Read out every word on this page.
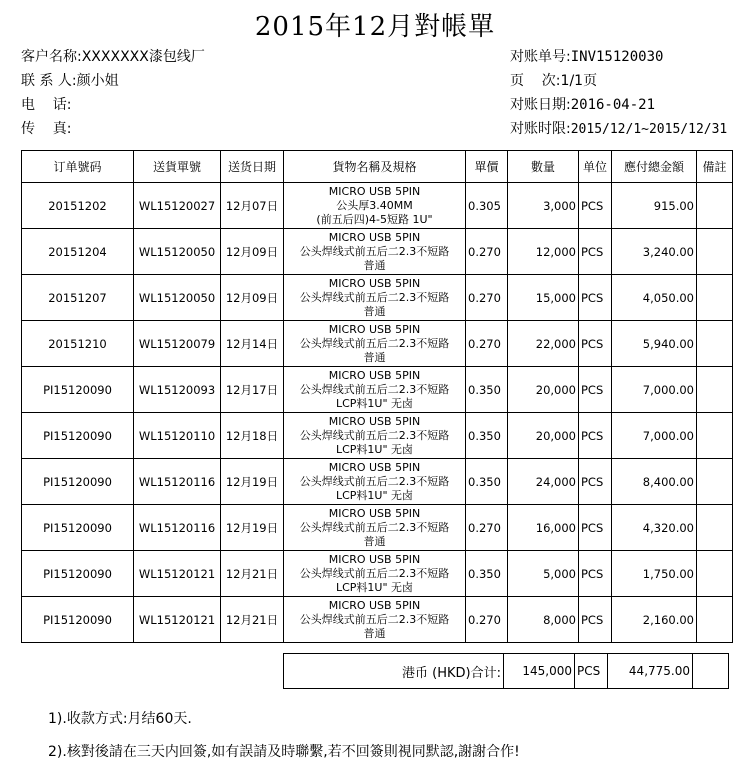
2015年12月對帳單
客户名称:XXXXXXX漆包线厂
联 系 人:颜小姐
电    话:
传    真:
对账单号:INV15120030
页    次:1/1页
对账日期:2016-04-21
对账时限:2015/12/1~2015/12/31
订单號码	送貨單號	送货日期	貨物名稱及規格	單價	數量	单位	應付總金額	備註
20151202	WL15120027	12月07日	MICRO USB 5PIN
公头厚3.40MM
(前五后四)4-5短路 1U"	0.305	3,000	PCS	915.00	
20151204	WL15120050	12月09日	MICRO USB 5PIN
公头焊线式前五后二2.3不短路
普通	0.270	12,000	PCS	3,240.00	
20151207	WL15120050	12月09日	MICRO USB 5PIN
公头焊线式前五后二2.3不短路
普通	0.270	15,000	PCS	4,050.00	
20151210	WL15120079	12月14日	MICRO USB 5PIN
公头焊线式前五后二2.3不短路
普通	0.270	22,000	PCS	5,940.00	
PI15120090	WL15120093	12月17日	MICRO USB 5PIN
公头焊线式前五后二2.3不短路
LCP料1U" 无卤	0.350	20,000	PCS	7,000.00	
PI15120090	WL15120110	12月18日	MICRO USB 5PIN
公头焊线式前五后二2.3不短路
LCP料1U" 无卤	0.350	20,000	PCS	7,000.00	
PI15120090	WL15120116	12月19日	MICRO USB 5PIN
公头焊线式前五后二2.3不短路
LCP料1U" 无卤	0.350	24,000	PCS	8,400.00	
PI15120090	WL15120116	12月19日	MICRO USB 5PIN
公头焊线式前五后二2.3不短路
普通	0.270	16,000	PCS	4,320.00	
PI15120090	WL15120121	12月21日	MICRO USB 5PIN
公头焊线式前五后二2.3不短路
LCP料1U" 无卤	0.350	5,000	PCS	1,750.00	
PI15120090	WL15120121	12月21日	MICRO USB 5PIN
公头焊线式前五后二2.3不短路
普通	0.270	8,000	PCS	2,160.00	
港币 (HKD)合计:	145,000	PCS	44,775.00	
1).收款方式:月结60天.
2).核對後請在三天内回簽,如有誤請及時聯繫,若不回簽則視同默認,謝謝合作!
